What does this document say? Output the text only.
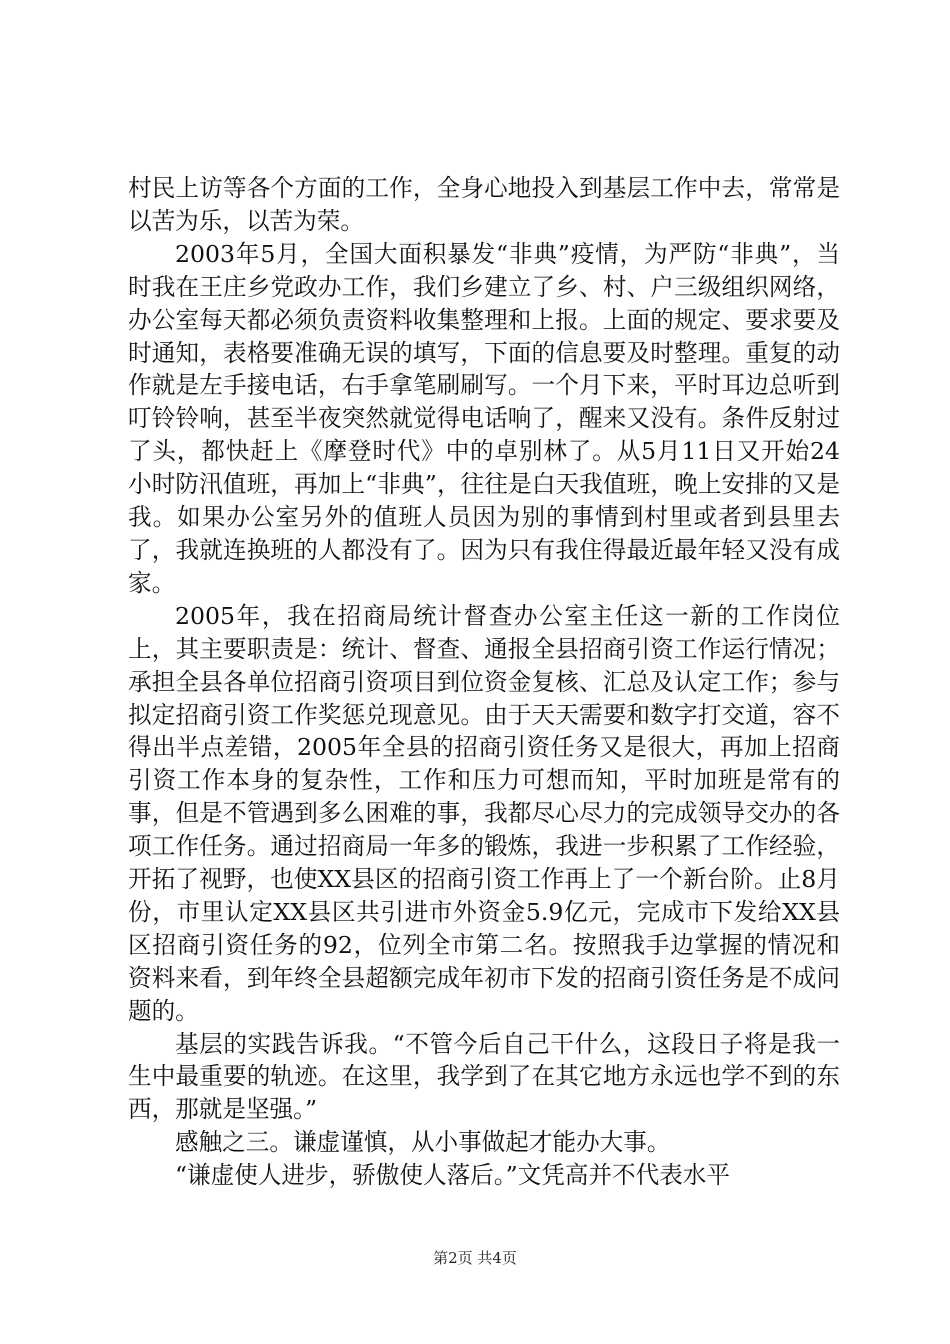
村民上访等各个方面的工作，全身心地投入到基层工作中去，常常是以苦为乐，以苦为荣。

2003年5月，全国大面积暴发“非典”疫情，为严防“非典”，当时我在王庄乡党政办工作，我们乡建立了乡、村、户三级组织网络，办公室每天都必须负责资料收集整理和上报。上面的规定、要求要及时通知，表格要准确无误的填写，下面的信息要及时整理。重复的动作就是左手接电话，右手拿笔刷刷写。一个月下来，平时耳边总听到叮铃铃响，甚至半夜突然就觉得电话响了，醒来又没有。条件反射过了头，都快赶上《摩登时代》中的卓别林了。从5月11日又开始24小时防汛值班，再加上“非典”，往往是白天我值班，晚上安排的又是我。如果办公室另外的值班人员因为别的事情到村里或者到县里去了，我就连换班的人都没有了。因为只有我住得最近最年轻又没有成家。

2005年，我在招商局统计督查办公室主任这一新的工作岗位上，其主要职责是：统计、督查、通报全县招商引资工作运行情况；承担全县各单位招商引资项目到位资金复核、汇总及认定工作；参与拟定招商引资工作奖惩兑现意见。由于天天需要和数字打交道，容不得出半点差错，2005年全县的招商引资任务又是很大，再加上招商引资工作本身的复杂性，工作和压力可想而知，平时加班是常有的事，但是不管遇到多么困难的事，我都尽心尽力的完成领导交办的各项工作任务。通过招商局一年多的锻炼，我进一步积累了工作经验，开拓了视野，也使XX县区的招商引资工作再上了一个新台阶。止8月份，市里认定XX县区共引进市外资金5.9亿元，完成市下发给XX县区招商引资任务的92，位列全市第二名。按照我手边掌握的情况和资料来看，到年终全县超额完成年初市下发的招商引资任务是不成问题的。

基层的实践告诉我。“不管今后自己干什么，这段日子将是我一生中最重要的轨迹。在这里，我学到了在其它地方永远也学不到的东西，那就是坚强。”

感触之三。谦虚谨慎，从小事做起才能办大事。

“谦虚使人进步，骄傲使人落后。”文凭高并不代表水平

第2页 共4页
